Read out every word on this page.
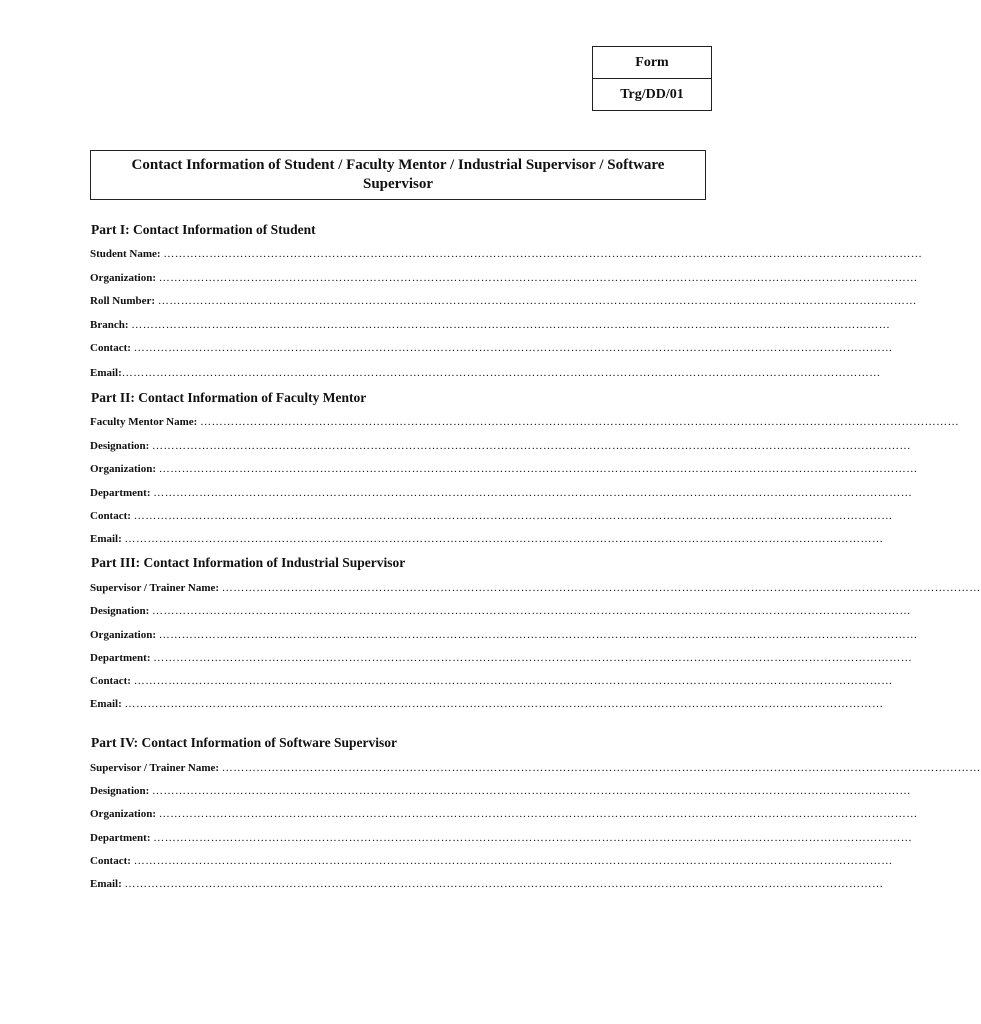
Form
Trg/DD/01
Contact Information of Student / Faculty Mentor / Industrial Supervisor / Software Supervisor
Part I: Contact Information of Student
Student Name: ………………………………………………………………………………………………………………………………………………………………………………
Organization: ………………………………………………………………………………………………………………………………………………………………………………
Roll Number: ………………………………………………………………………………………………………………………………………………………………………………
Branch: ………………………………………………………………………………………………………………………………………………………………………………
Contact: ………………………………………………………………………………………………………………………………………………………………………………
Email:………………………………………………………………………………………………………………………………………………………………………………
Part II: Contact Information of Faculty Mentor
Faculty Mentor Name: ………………………………………………………………………………………………………………………………………………………………………………
Designation: ………………………………………………………………………………………………………………………………………………………………………………
Organization: ………………………………………………………………………………………………………………………………………………………………………………
Department: ………………………………………………………………………………………………………………………………………………………………………………
Contact: ………………………………………………………………………………………………………………………………………………………………………………
Email: ………………………………………………………………………………………………………………………………………………………………………………
Part III: Contact Information of Industrial Supervisor
Supervisor / Trainer Name: ………………………………………………………………………………………………………………………………………………………………………………
Designation: ………………………………………………………………………………………………………………………………………………………………………………
Organization: ………………………………………………………………………………………………………………………………………………………………………………
Department: ………………………………………………………………………………………………………………………………………………………………………………
Contact: ………………………………………………………………………………………………………………………………………………………………………………
Email: ………………………………………………………………………………………………………………………………………………………………………………
Part IV: Contact Information of Software Supervisor
Supervisor / Trainer Name: ………………………………………………………………………………………………………………………………………………………………………………
Designation: ………………………………………………………………………………………………………………………………………………………………………………
Organization: ………………………………………………………………………………………………………………………………………………………………………………
Department: ………………………………………………………………………………………………………………………………………………………………………………
Contact: ………………………………………………………………………………………………………………………………………………………………………………
Email: ………………………………………………………………………………………………………………………………………………………………………………
